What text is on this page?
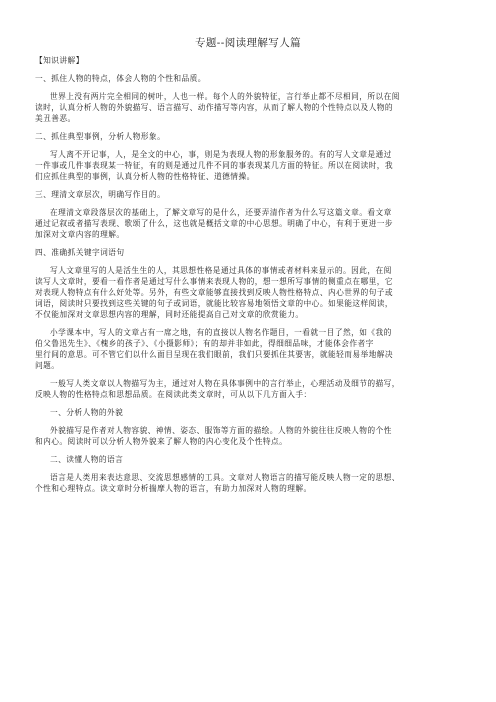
专题--阅读理解写人篇
【知识讲解】
一、抓住人物的特点，体会人物的个性和品质。
世界上没有两片完全相同的树叶，人也一样。每个人的外貌特征，言行举止都不尽相同，所以在阅
读时，认真分析人物的外貌描写、语言描写、动作描写等内容，从而了解人物的个性特点以及人物的
美丑善恶。
二、抓住典型事例，分析人物形象。
写人离不开记事，人，是全文的中心，事，则是为表现人物的形象服务的。有的写人文章是通过
一件事或几件事表现某一特征，有的则是通过几件不同的事表现某几方面的特征。所以在阅读时，我
们应抓住典型的事例，认真分析人物的性格特征、道德情操。
三、理清文章层次，明确写作目的。
在理清文章段落层次的基础上，了解文章写的是什么，还要弄清作者为什么写这篇文章。看文章
通过记叙或者描写表现、歌颂了什么，这也就是概括文章的中心思想。明确了中心，有利于更进一步
加深对文章内容的理解。
四、准确抓关键字词语句
写人文章里写的人是活生生的人，其思想性格是通过具体的事情或者材料来显示的。因此，在阅
读写人文章时，要看一看作者是通过写什么事情来表现人物的，想一想所写事情的侧重点在哪里，它
对表现人物特点有什么好处等。另外，有些文章能够直接找到反映人物性格特点、内心世界的句子或
词语，阅读时只要找到这些关键的句子或词语，就能比较容易地领悟文章的中心。如果能这样阅读，
不仅能加深对文章思想内容的理解，同时还能提高自己对文章的欣赏能力。
小学课本中，写人的文章占有一席之地，有的直接以人物名作题目，一看就一目了然，如《我的
伯父鲁迅先生》、《槐乡的孩子》、《小摄影师》；有的却并非如此，得细细品味，才能体会作者字
里行间的意思。可不管它们以什么面目呈现在我们眼前，我们只要抓住其要害，就能轻而易举地解决
问题。
一般写人类文章以人物描写为主，通过对人物在具体事例中的言行举止，心理活动及细节的描写，
反映人物的性格特点和思想品质。在阅读此类文章时，可从以下几方面入手：
一、分析人物的外貌
外貌描写是作者对人物容貌、神情、姿态、服饰等方面的描绘。人物的外貌往往反映人物的个性
和内心。阅读时可以分析人物外貌来了解人物的内心变化及个性特点。
二、读懂人物的语言
语言是人类用来表达意思、交流思想感情的工具。文章对人物语言的描写能反映人物一定的思想、
个性和心理特点。读文章时分析揣摩人物的语言，有助力加深对人物的理解。
